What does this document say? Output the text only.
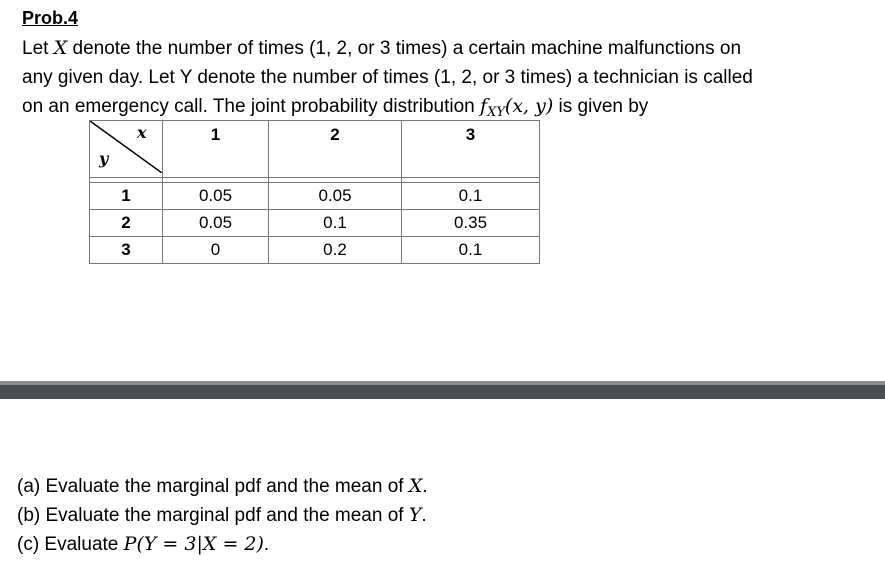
Prob.4

Let X denote the number of times (1, 2, or 3 times) a certain machine malfunctions on

any given day. Let Y denote the number of times (1, 2, or 3 times) a technician is called

on an emergency call. The joint probability distribution $f_{XY}(x$, y) is given by

x
y	1	2	3

1	0.05	0.05	0.1
2	0.05	0.1	0.35
3	0	0.2	0.1

(a) Evaluate the marginal pdf and the mean of X.

(b) Evaluate the marginal pdf and the mean of Y.

(c) Evaluate P(Y = 3|X = 2).
